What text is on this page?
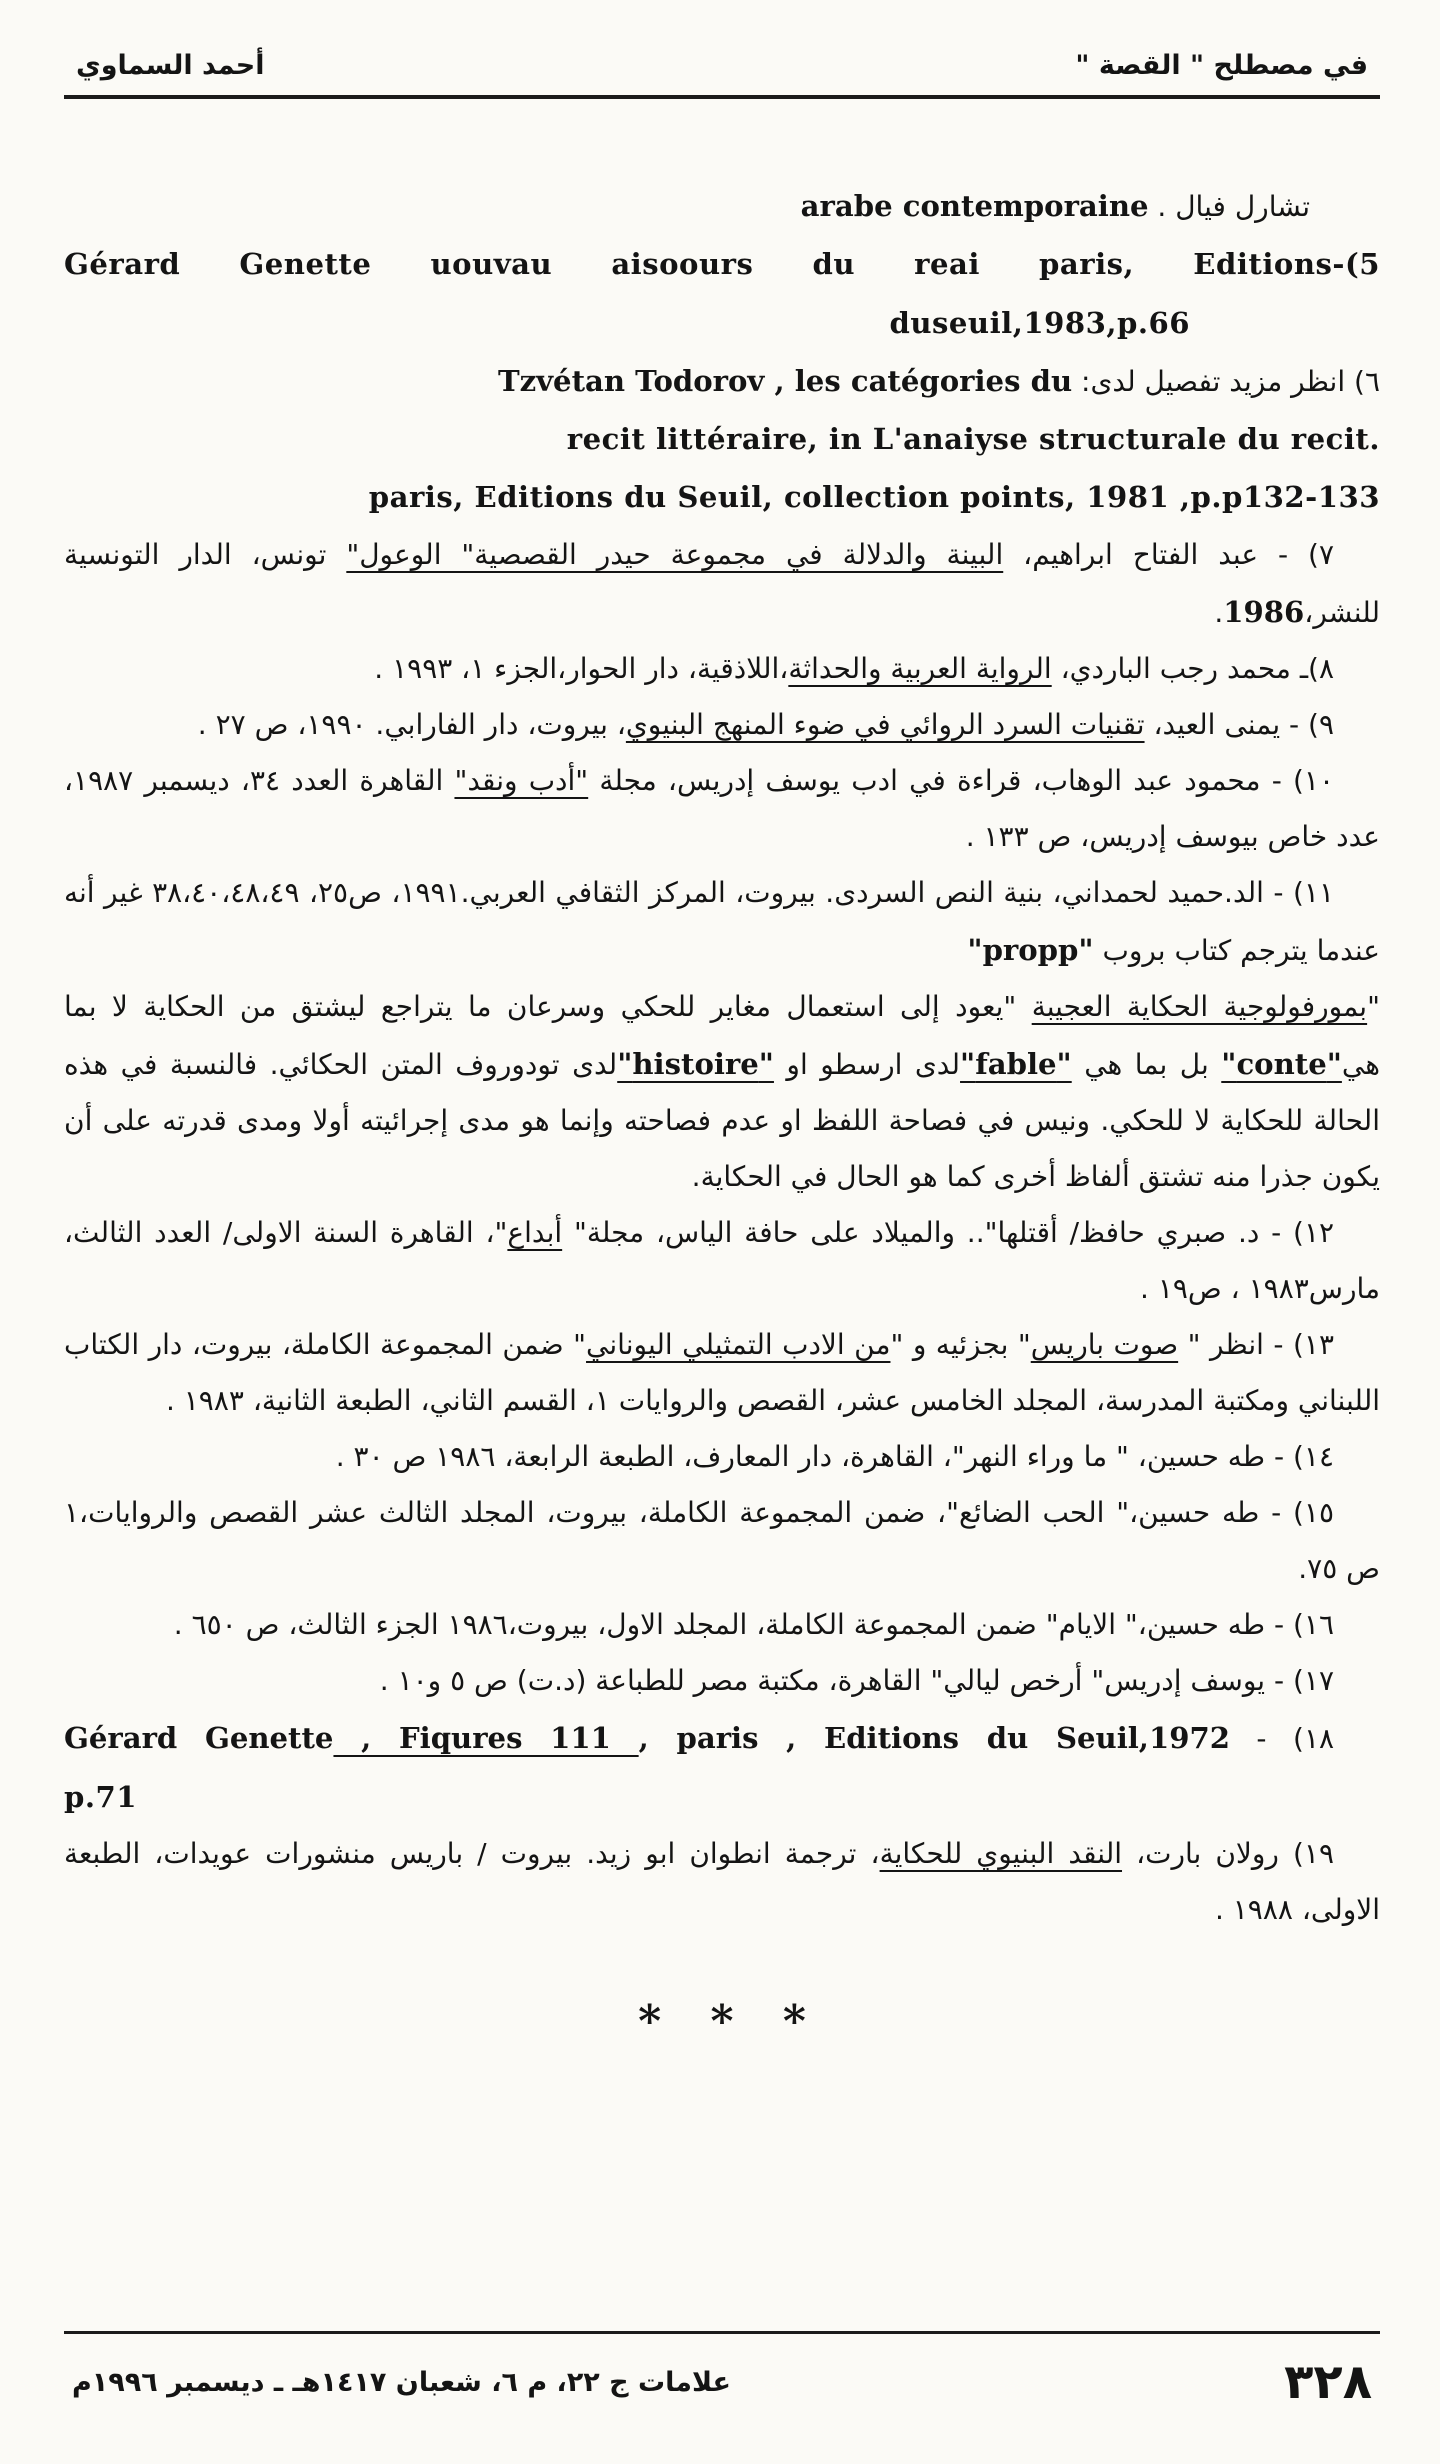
في مصطلح " القصة "
أحمد السماوي

تشارل فيال . arabe contemporaine

Gérard Genette uouvau aisoours du reai paris, Editions-(5

duseuil,1983,p.66

٦) انظر مزيد تفصيل لدى: Tzvétan Todorov , les catégories du

recit littéraire, in L'anaiyse structurale du recit.

paris, Editions du Seuil, collection points, 1981 ,p.p132-133

٧) - عبد الفتاح ابراهيم، البينة والدلالة في مجموعة حيدر القصصية" الوعول" تونس، الدار التونسية للنشر،1986.

٨)ـ محمد رجب الباردي، الرواية العربية والحداثة،اللاذقية، دار الحوار،الجزء ١، ١٩٩٣ .

٩) - يمنى العيد، تقنيات السرد الروائي في ضوء المنهج البنيوي، بيروت، دار الفارابي. ١٩٩٠، ص ٢٧ .

١٠) - محمود عبد الوهاب، قراءة في ادب يوسف إدريس، مجلة "أدب ونقد" القاهرة العدد ٣٤، ديسمبر ١٩٨٧، عدد خاص بيوسف إدريس، ص ١٣٣ .

١١) - الد.حميد لحمداني، بنية النص السردى. بيروت، المركز الثقافي العربي.١٩٩١، ص٢٥، ٣٨،٤٠،٤٨،٤٩ غير أنه عندما يترجم كتاب بروب "propp"

"بمورفولوجية الحكاية العجيبة "يعود إلى استعمال مغاير للحكي وسرعان ما يتراجع ليشتق من الحكاية لا بما هي"conte" بل بما هي "fable"لدى ارسطو او "histoire"لدى تودوروف المتن الحكائي. فالنسبة في هذه الحالة للحكاية لا للحكي. ونيس في فصاحة اللفظ او عدم فصاحته وإنما هو مدى إجرائيته أولا ومدى قدرته على أن يكون جذرا منه تشتق ألفاظ أخرى كما هو الحال في الحكاية.

١٢) - د. صبري حافظ/ أقتلها".. والميلاد على حافة الياس، مجلة" أبداع"، القاهرة السنة الاولى/ العدد الثالث، مارس١٩٨٣ ، ص١٩ .

١٣) - انظر " صوت باريس" بجزئيه و "من الادب التمثيلي اليوناني" ضمن المجموعة الكاملة، بيروت، دار الكتاب اللبناني ومكتبة المدرسة، المجلد الخامس عشر، القصص والروايات ١، القسم الثاني، الطبعة الثانية، ١٩٨٣ .

١٤) - طه حسين، " ما وراء النهر"، القاهرة، دار المعارف، الطبعة الرابعة، ١٩٨٦ ص ٣٠ .

١٥) - طه حسين،" الحب الضائع"، ضمن المجموعة الكاملة، بيروت، المجلد الثالث عشر القصص والروايات،١ ص ٧٥.

١٦) - طه حسين،" الايام" ضمن المجموعة الكاملة، المجلد الاول، بيروت،١٩٨٦ الجزء الثالث، ص ٦٥٠ .

١٧) - يوسف إدريس" أرخص ليالي" القاهرة، مكتبة مصر للطباعة (د.ت) ص ٥ و١٠ .

١٨) - Gérard Genette , Fiqures 111 , paris , Editions du Seuil,1972

p.71

١٩) رولان بارت، النقد البنيوي للحكاية، ترجمة انطوان ابو زيد. بيروت / باريس منشورات عويدات، الطبعة الاولى، ١٩٨٨ .

* * *
علامات ج ٢٢، م ٦، شعبان ١٤١٧هـ ـ ديسمبر ١٩٩٦م	٣٢٨
